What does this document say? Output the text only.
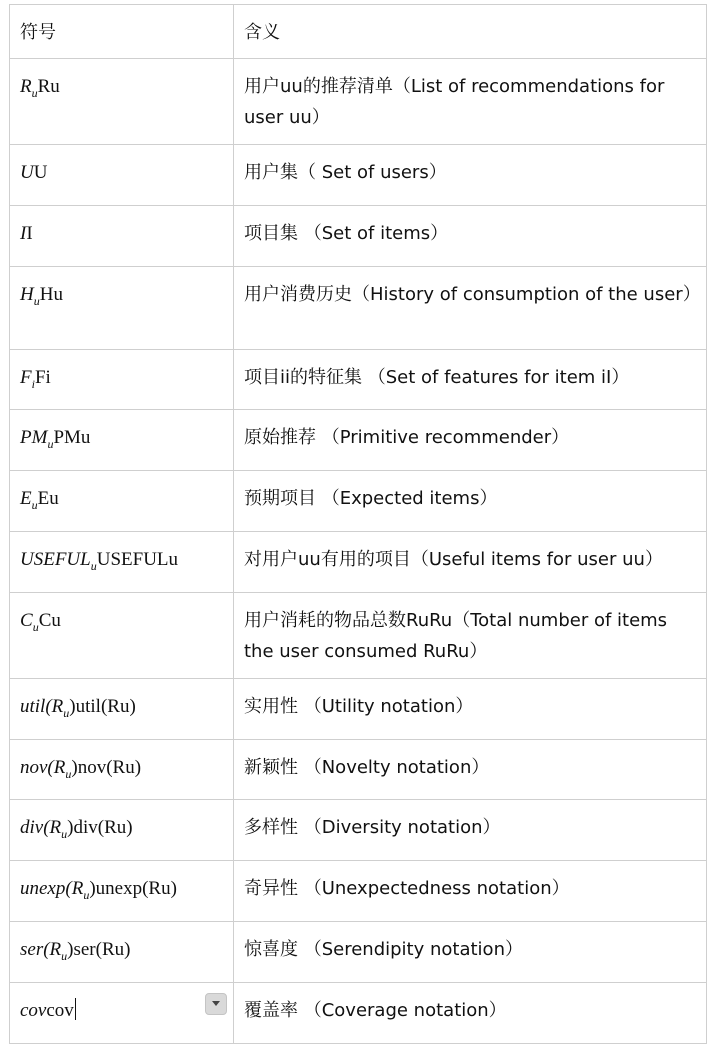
符号	含义
$R_uRu$	用户uu的推荐清单（List of recommendations for user uu）
UU	用户集（ Set of users）
II	项目集 （Set of items）
$H_uHu$	用户消费历史（History of consumption of the user）
$F_iFi$	项目ii的特征集 （Set of features for item iI）
$PM_uPMu$	原始推荐 （Primitive recommender）
$E_uEu$	预期项目 （Expected items）
$USEFUL_uUSEFULu$	对用户uu有用的项目（Useful items for user uu）
$C_uCu$	用户消耗的物品总数RuRu（Total number of items the user consumed RuRu）
$util(R_u)util(Ru)$	实用性 （Utility notation）
$nov(R_u)nov(Ru)$	新颖性 （Novelty notation）
$div(R_u)div(Ru)$	多样性 （Diversity notation）
$unexp(R_u)unexp(Ru)$	奇异性 （Unexpectedness notation）
$ser(R_u)ser(Ru)$	惊喜度 （Serendipity notation）
covcov	覆盖率 （Coverage notation）
